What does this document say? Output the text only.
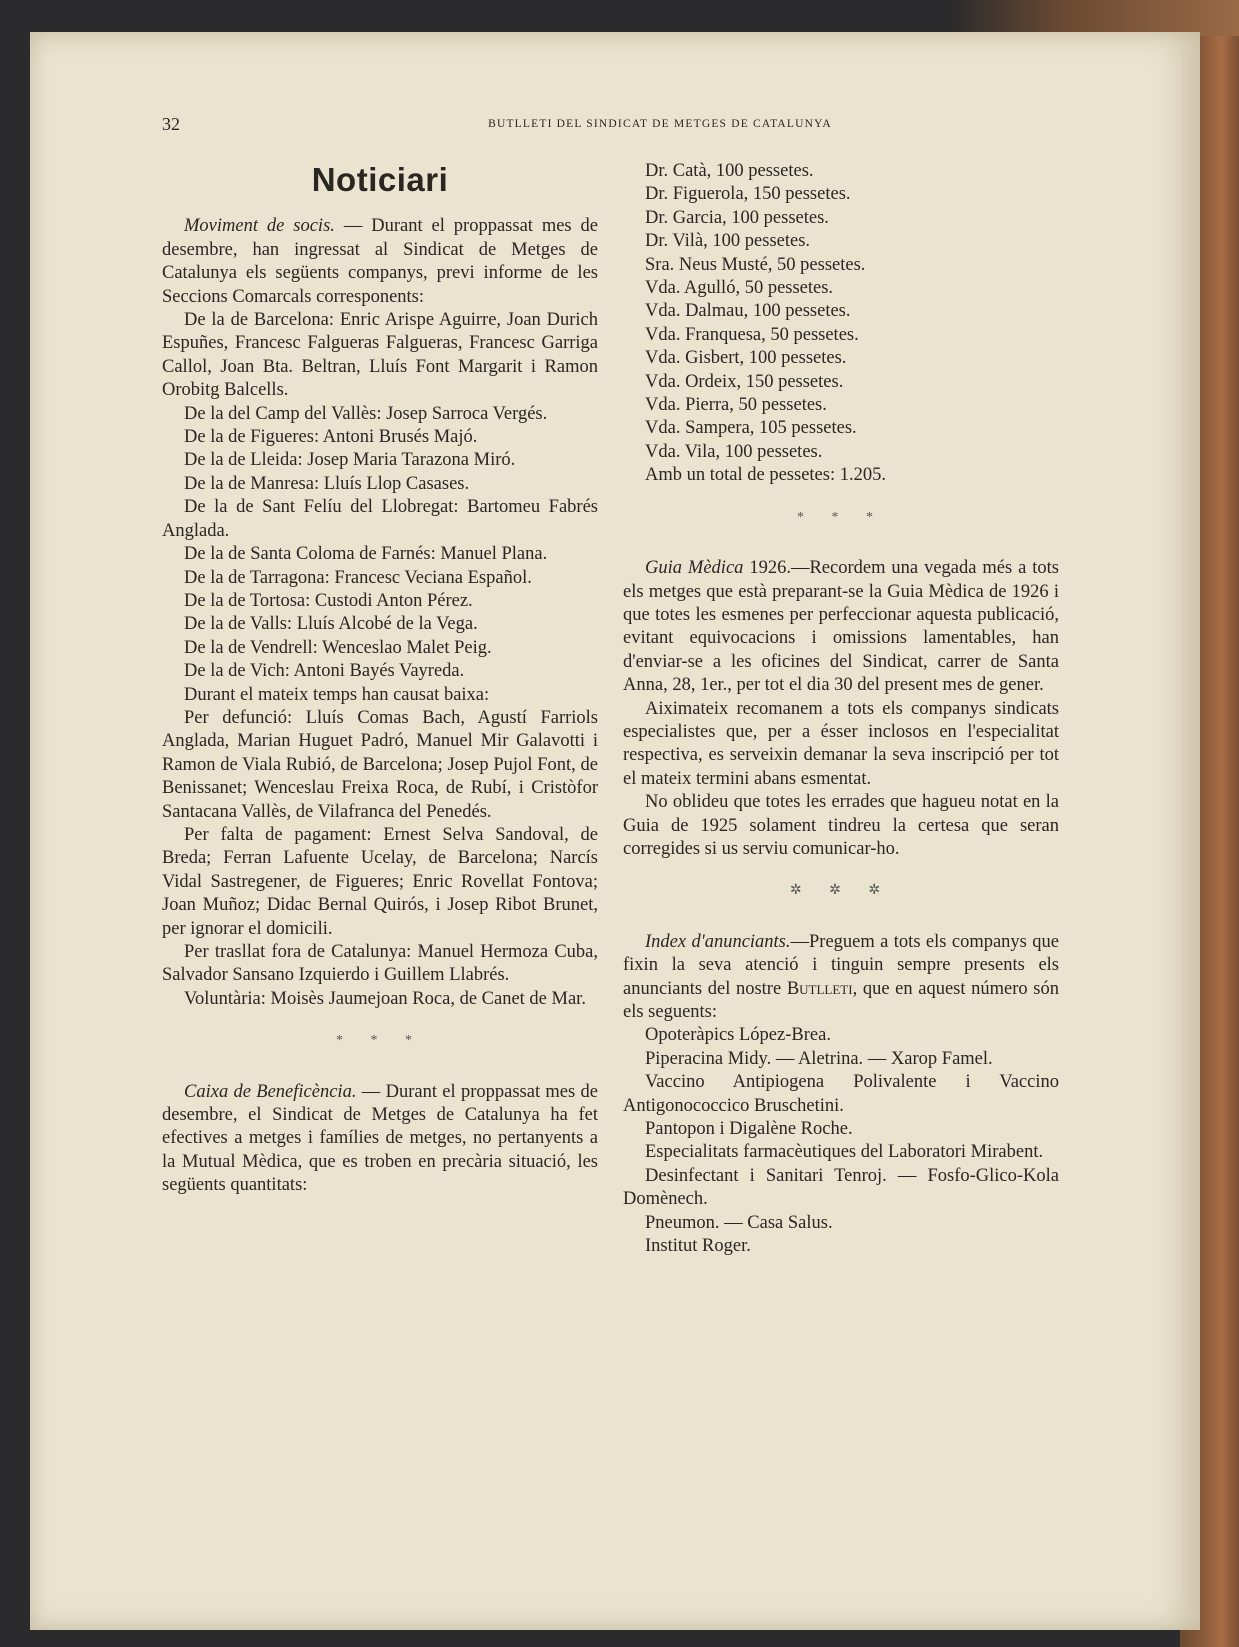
32	BUTLLETI DEL SINDICAT DE METGES DE CATALUNYA
Noticiari

Moviment de socis. — Durant el proppassat mes de desembre, han ingressat al Sindicat de Metges de Catalunya els següents companys, previ informe de les Seccions Comarcals corresponents:

De la de Barcelona: Enric Arispe Aguirre, Joan Durich Espuñes, Francesc Falgueras Falgueras, Francesc Garriga Callol, Joan Bta. Beltran, Lluís Font Margarit i Ramon Orobitg Balcells.

De la del Camp del Vallès: Josep Sarroca Vergés.

De la de Figueres: Antoni Brusés Majó.

De la de Lleida: Josep Maria Tarazona Miró.

De la de Manresa: Lluís Llop Casases.

De la de Sant Felíu del Llobregat: Bartomeu Fabrés Anglada.

De la de Santa Coloma de Farnés: Manuel Plana.

De la de Tarragona: Francesc Veciana Español.

De la de Tortosa: Custodi Anton Pérez.

De la de Valls: Lluís Alcobé de la Vega.

De la de Vendrell: Wenceslao Malet Peig.

De la de Vich: Antoni Bayés Vayreda.

Durant el mateix temps han causat baixa:

Per defunció: Lluís Comas Bach, Agustí Farriols Anglada, Marian Huguet Padró, Manuel Mir Galavotti i Ramon de Viala Rubió, de Barcelona; Josep Pujol Font, de Benissanet; Wenceslau Freixa Roca, de Rubí, i Cristòfor Santacana Vallès, de Vilafranca del Penedés.

Per falta de pagament: Ernest Selva Sandoval, de Breda; Ferran Lafuente Ucelay, de Barcelona; Narcís Vidal Sastregener, de Figueres; Enric Rovellat Fontova; Joan Muñoz; Didac Bernal Quirós, i Josep Ribot Brunet, per ignorar el domicili.

Per trasllat fora de Catalunya: Manuel Hermoza Cuba, Salvador Sansano Izquierdo i Guillem Llabrés.

Voluntària: Moisès Jaumejoan Roca, de Canet de Mar.

* * *

Caixa de Beneficència. — Durant el proppassat mes de desembre, el Sindicat de Metges de Catalunya ha fet efectives a metges i famílies de metges, no pertanyents a la Mutual Mèdica, que es troben en precària situació, les següents quantitats:

Dr. Catà, 100 pessetes.

Dr. Figuerola, 150 pessetes.

Dr. Garcia, 100 pessetes.

Dr. Vilà, 100 pessetes.

Sra. Neus Musté, 50 pessetes.

Vda. Agulló, 50 pessetes.

Vda. Dalmau, 100 pessetes.

Vda. Franquesa, 50 pessetes.

Vda. Gisbert, 100 pessetes.

Vda. Ordeix, 150 pessetes.

Vda. Pierra, 50 pessetes.

Vda. Sampera, 105 pessetes.

Vda. Vila, 100 pessetes.

Amb un total de pessetes: 1.205.

* * *

Guia Mèdica 1926.—Recordem una vegada més a tots els metges que està preparant-se la Guia Mèdica de 1926 i que totes les esmenes per perfeccionar aquesta publicació, evitant equivocacions i omissions lamentables, han d'enviar-se a les oficines del Sindicat, carrer de Santa Anna, 28, 1er., per tot el dia 30 del present mes de gener.

Aiximateix recomanem a tots els companys sindicats especialistes que, per a ésser inclosos en l'especialitat respectiva, es serveixin demanar la seva inscripció per tot el mateix termini abans esmentat.

No oblideu que totes les errades que hagueu notat en la Guia de 1925 solament tindreu la certesa que seran corregides si us serviu comunicar-ho.

✲ ✲ ✲

Index d'anunciants.—Preguem a tots els companys que fixin la seva atenció i tinguin sempre presents els anunciants del nostre Butlleti, que en aquest número són els seguents:

Opoteràpics López-Brea.

Piperacina Midy. — Aletrina. — Xarop Famel.

Vaccino Antipiogena Polivalente i Vaccino Antigonococcico Bruschetini.

Pantopon i Digalène Roche.

Especialitats farmacèutiques del Laboratori Mirabent.

Desinfectant i Sanitari Tenroj. — Fosfo-Glico-Kola Domènech.

Pneumon. — Casa Salus.

Institut Roger.
